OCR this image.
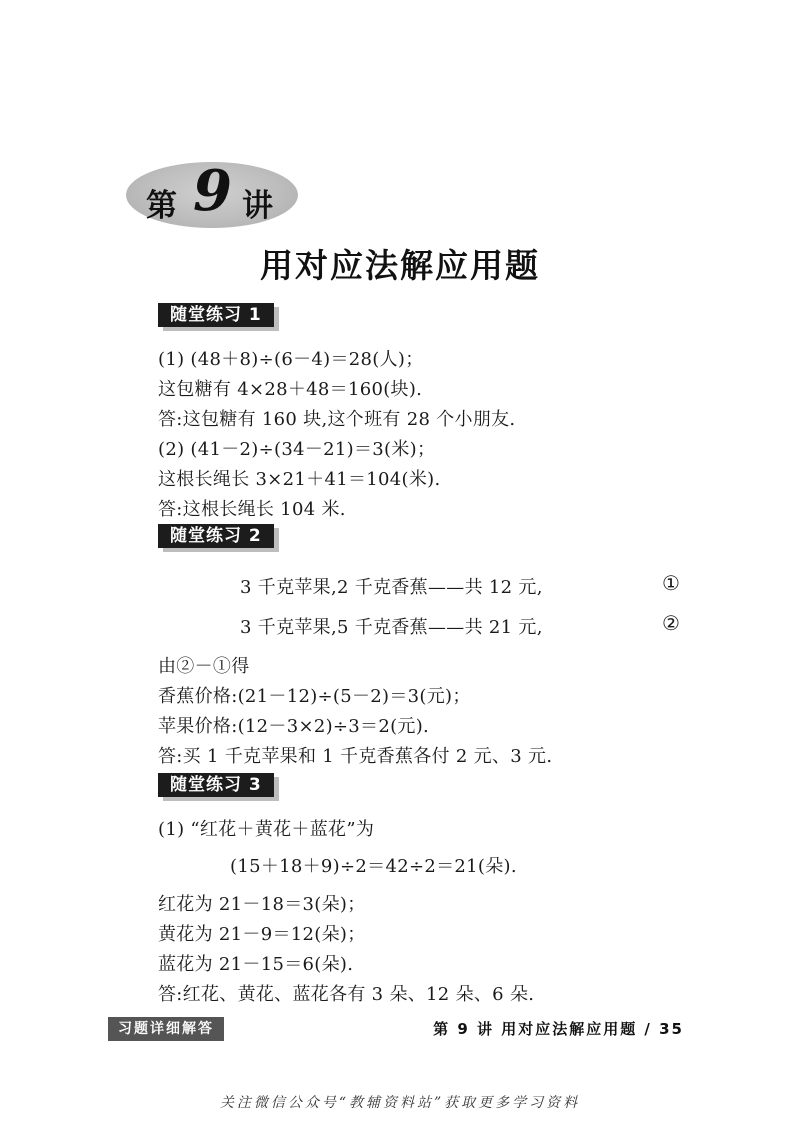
第 9 讲
用对应法解应用题
随堂练习 1
(1) (48＋8)÷(6－4)＝28(人)；
这包糖有 4×28＋48＝160(块).
答:这包糖有 160 块,这个班有 28 个小朋友.
(2) (41－2)÷(34－21)＝3(米)；
这根长绳长 3×21＋41＝104(米).
答:这根长绳长 104 米.
随堂练习 2
3 千克苹果,2 千克香蕉——共 12 元,	①
3 千克苹果,5 千克香蕉——共 21 元,	②
由②－①得
香蕉价格:(21－12)÷(5－2)＝3(元)；
苹果价格:(12－3×2)÷3＝2(元).
答:买 1 千克苹果和 1 千克香蕉各付 2 元、3 元.
随堂练习 3
(1) “红花＋黄花＋蓝花”为
(15＋18＋9)÷2＝42÷2＝21(朵).
红花为 21－18＝3(朵)；
黄花为 21－9＝12(朵)；
蓝花为 21－15＝6(朵).
答:红花、黄花、蓝花各有 3 朵、12 朵、6 朵.
习题详细解答	第 9 讲 用对应法解应用题 / 35
关注微信公众号“教辅资料站”获取更多学习资料
